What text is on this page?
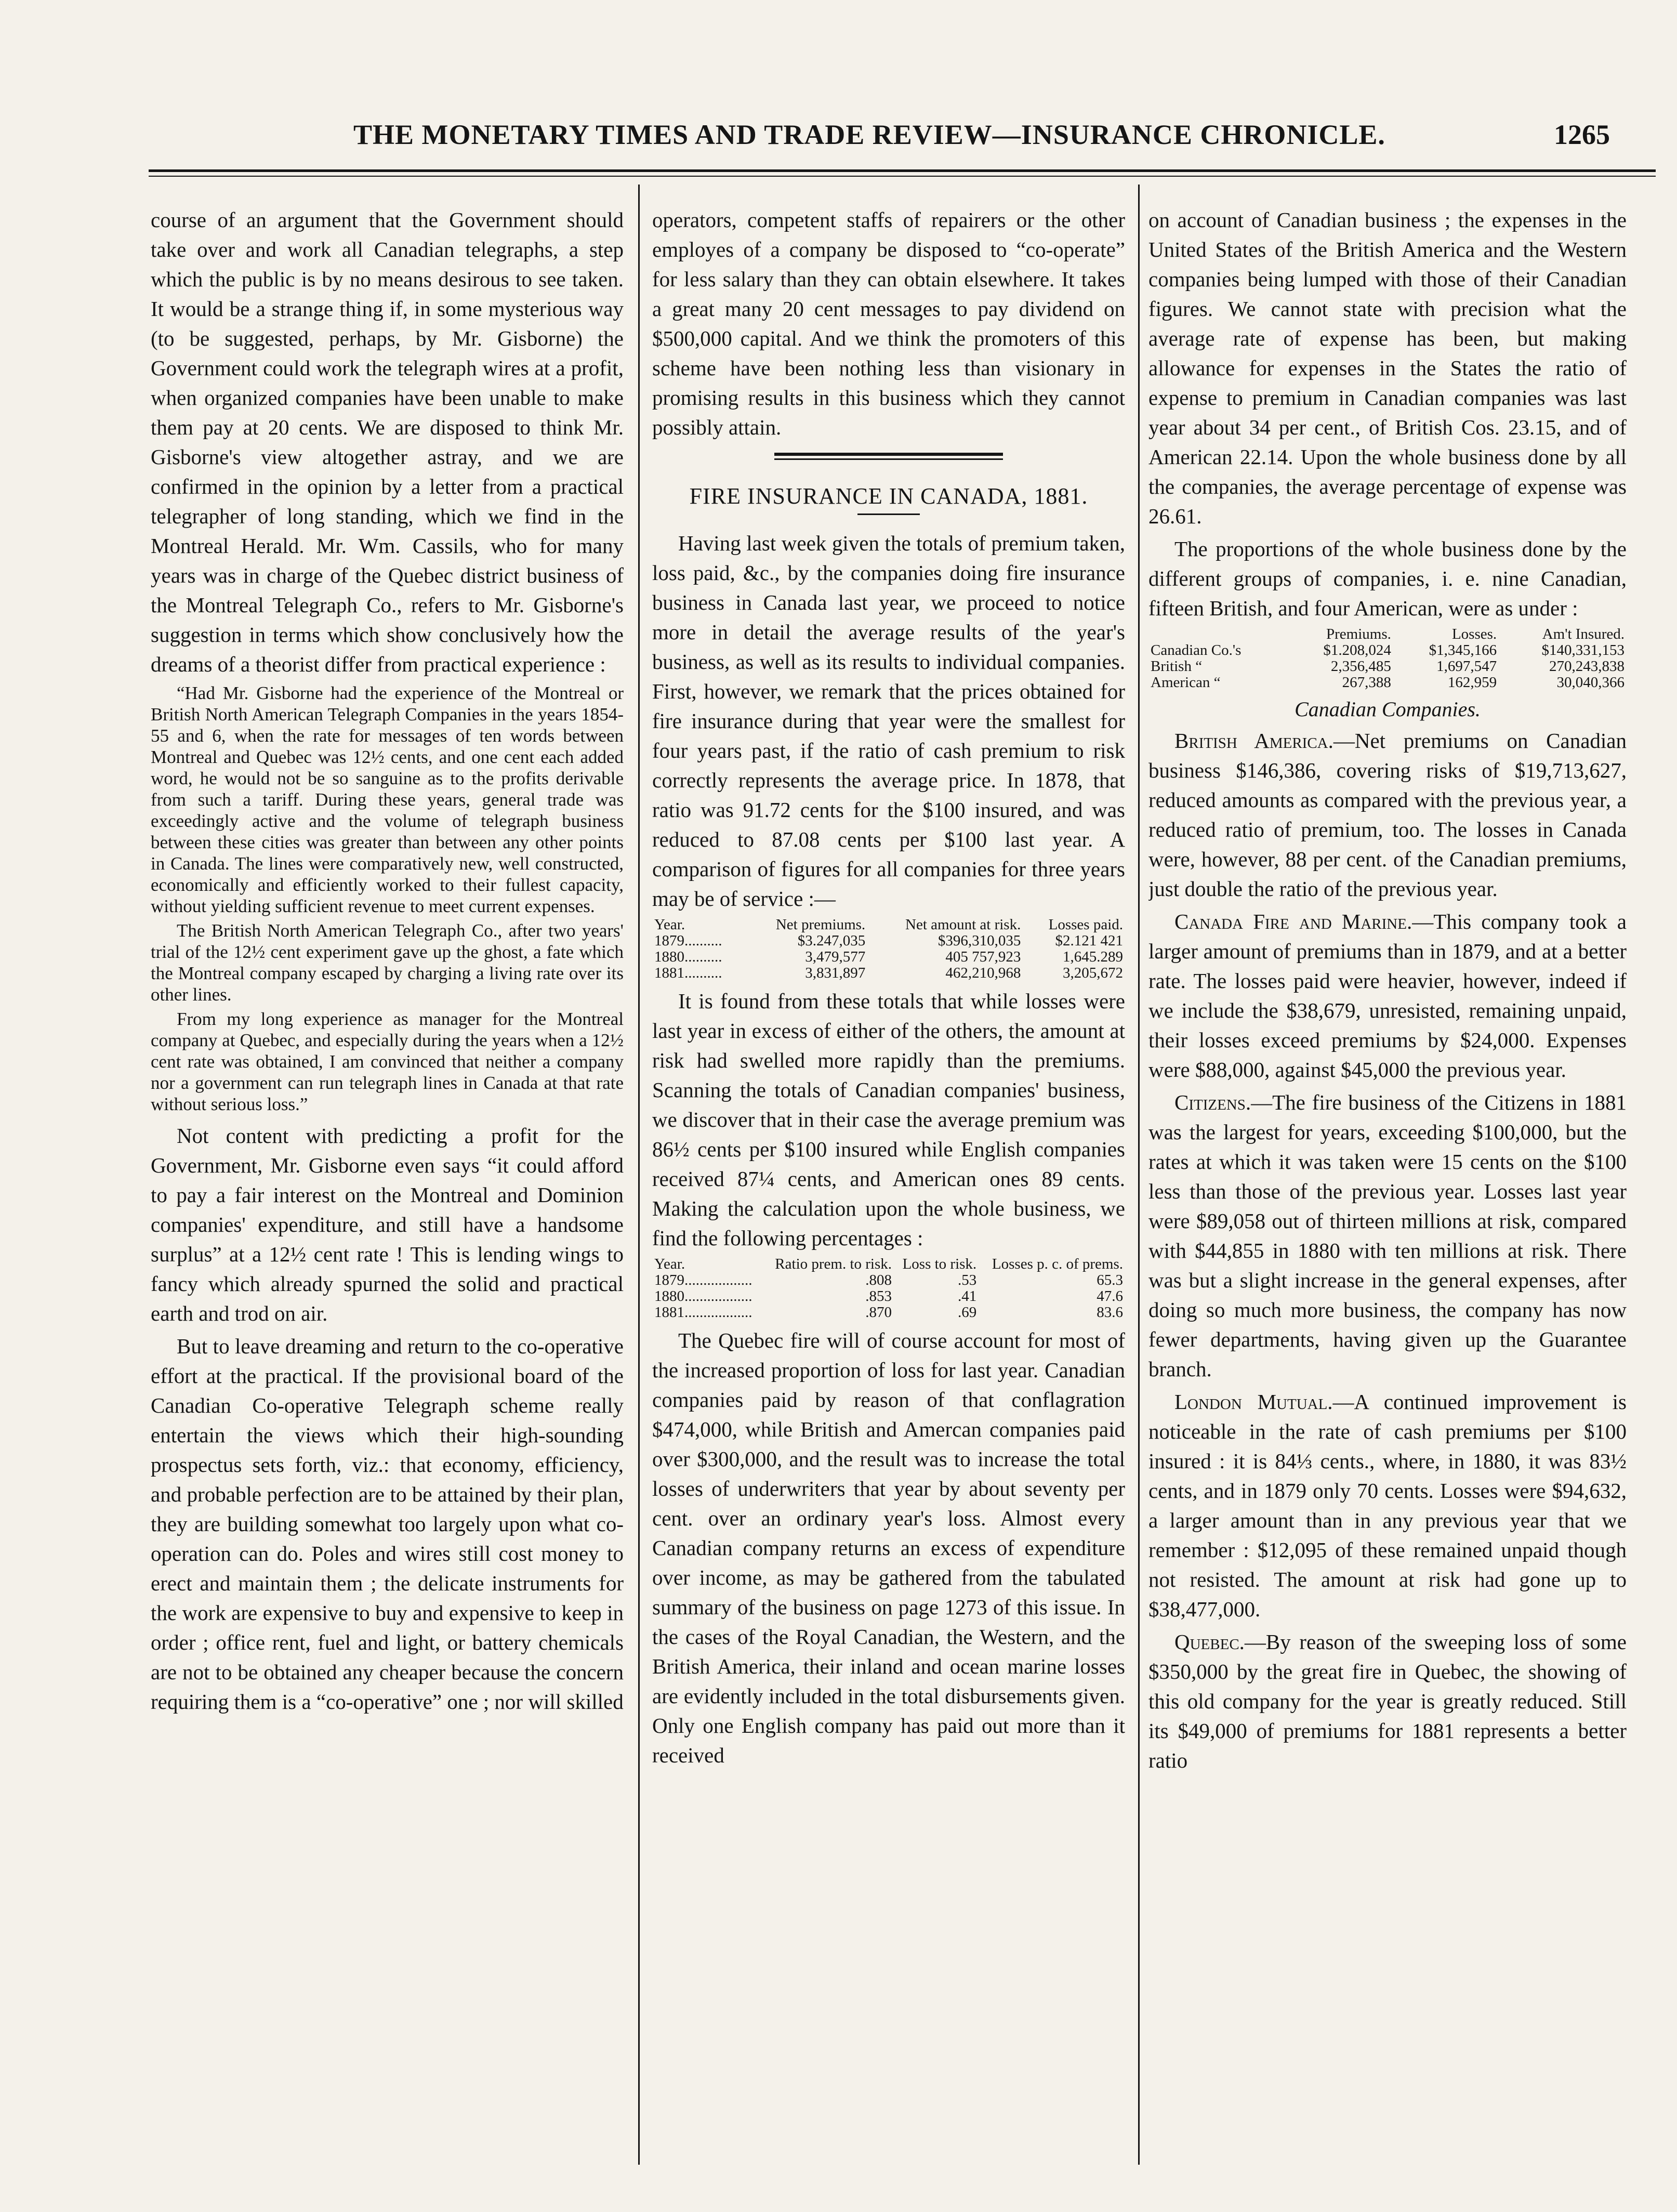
THE MONETARY TIMES AND TRADE REVIEW—INSURANCE CHRONICLE.	1265

course of an argument that the Government should take over and work all Canadian telegraphs, a step which the public is by no means desirous to see taken. It would be a strange thing if, in some mysterious way (to be suggested, perhaps, by Mr. Gisborne) the Government could work the telegraph wires at a profit, when organized companies have been unable to make them pay at 20 cents. We are disposed to think Mr. Gisborne's view altogether astray, and we are confirmed in the opinion by a letter from a practical telegrapher of long standing, which we find in the Montreal Herald. Mr. Wm. Cassils, who for many years was in charge of the Quebec district business of the Montreal Telegraph Co., refers to Mr. Gisborne's suggestion in terms which show conclusively how the dreams of a theorist differ from practical experience :

“Had Mr. Gisborne had the experience of the Montreal or British North American Telegraph Companies in the years 1854-55 and 6, when the rate for messages of ten words between Montreal and Quebec was 12½ cents, and one cent each added word, he would not be so sanguine as to the profits derivable from such a tariff. During these years, general trade was exceedingly active and the volume of telegraph business between these cities was greater than between any other points in Canada. The lines were comparatively new, well constructed, economically and efficiently worked to their fullest capacity, without yielding sufficient revenue to meet current expenses.

The British North American Telegraph Co., after two years' trial of the 12½ cent experiment gave up the ghost, a fate which the Montreal company escaped by charging a living rate over its other lines.

From my long experience as manager for the Montreal company at Quebec, and especially during the years when a 12½ cent rate was obtained, I am convinced that neither a company nor a government can run telegraph lines in Canada at that rate without serious loss.”

Not content with predicting a profit for the Government, Mr. Gisborne even says “it could afford to pay a fair interest on the Montreal and Dominion companies' expenditure, and still have a handsome surplus” at a 12½ cent rate ! This is lending wings to fancy which already spurned the solid and practical earth and trod on air.

But to leave dreaming and return to the co-operative effort at the practical. If the provisional board of the Canadian Co-operative Telegraph scheme really entertain the views which their high-sounding prospectus sets forth, viz.: that economy, efficiency, and probable perfection are to be attained by their plan, they are building somewhat too largely upon what co-operation can do. Poles and wires still cost money to erect and maintain them ; the delicate instruments for the work are expensive to buy and expensive to keep in order ; office rent, fuel and light, or battery chemicals are not to be obtained any cheaper because the concern requiring them is a “co-operative” one ; nor will skilled

operators, competent staffs of repairers or the other employes of a company be disposed to “co-operate” for less salary than they can obtain elsewhere. It takes a great many 20 cent messages to pay dividend on $500,000 capital. And we think the promoters of this scheme have been nothing less than visionary in promising results in this business which they cannot possibly attain.

FIRE INSURANCE IN CANADA, 1881.

Having last week given the totals of premium taken, loss paid, &c., by the companies doing fire insurance business in Canada last year, we proceed to notice more in detail the average results of the year's business, as well as its results to individual companies. First, however, we remark that the prices obtained for fire insurance during that year were the smallest for four years past, if the ratio of cash premium to risk correctly represents the average price. In 1878, that ratio was 91.72 cents for the $100 insured, and was reduced to 87.08 cents per $100 last year. A comparison of figures for all companies for three years may be of service :—

Year.	Net premiums.	Net amount at risk.	Losses paid.
1879..........	$3.247,035	$396,310,035	$2.121 421
1880..........	3,479,577	405 757,923	1,645.289
1881..........	3,831,897	462,210,968	3,205,672

It is found from these totals that while losses were last year in excess of either of the others, the amount at risk had swelled more rapidly than the premiums. Scanning the totals of Canadian companies' business, we discover that in their case the average premium was 86½ cents per $100 insured while English companies received 87¼ cents, and American ones 89 cents. Making the calculation upon the whole business, we find the following percentages :

Year.	Ratio prem. to risk.	Loss to risk.	Losses p. c. of prems.
1879..................	.808	.53	65.3
1880..................	.853	.41	47.6
1881..................	.870	.69	83.6

The Quebec fire will of course account for most of the increased proportion of loss for last year. Canadian companies paid by reason of that conflagration $474,000, while British and Amercan companies paid over $300,000, and the result was to increase the total losses of underwriters that year by about seventy per cent. over an ordinary year's loss. Almost every Canadian company returns an excess of expenditure over income, as may be gathered from the tabulated summary of the business on page 1273 of this issue. In the cases of the Royal Canadian, the Western, and the British America, their inland and ocean marine losses are evidently included in the total disbursements given. Only one English company has paid out more than it received

on account of Canadian business ; the expenses in the United States of the British America and the Western companies being lumped with those of their Canadian figures. We cannot state with precision what the average rate of expense has been, but making allowance for expenses in the States the ratio of expense to premium in Canadian companies was last year about 34 per cent., of British Cos. 23.15, and of American 22.14. Upon the whole business done by all the companies, the average percentage of expense was 26.61.

The proportions of the whole business done by the different groups of companies, i. e. nine Canadian, fifteen British, and four American, were as under :

	Premiums.	Losses.	Am't Insured.
Canadian Co.'s	$1.208,024	$1,345,166	$140,331,153
British “	2,356,485	1,697,547	270,243,838
American “	267,388	162,959	30,040,366
Canadian Companies.

British America.—Net premiums on Canadian business $146,386, covering risks of $19,713,627, reduced amounts as compared with the previous year, a reduced ratio of premium, too. The losses in Canada were, however, 88 per cent. of the Canadian premiums, just double the ratio of the previous year.

Canada Fire and Marine.—This company took a larger amount of premiums than in 1879, and at a better rate. The losses paid were heavier, however, indeed if we include the $38,679, unresisted, remaining unpaid, their losses exceed premiums by $24,000. Expenses were $88,000, against $45,000 the previous year.

Citizens.—The fire business of the Citizens in 1881 was the largest for years, exceeding $100,000, but the rates at which it was taken were 15 cents on the $100 less than those of the previous year. Losses last year were $89,058 out of thirteen millions at risk, compared with $44,855 in 1880 with ten millions at risk. There was but a slight increase in the general expenses, after doing so much more business, the company has now fewer departments, having given up the Guarantee branch.

London Mutual.—A continued improvement is noticeable in the rate of cash premiums per $100 insured : it is 84⅓ cents., where, in 1880, it was 83½ cents, and in 1879 only 70 cents. Losses were $94,632, a larger amount than in any previous year that we remember : $12,095 of these remained unpaid though not resisted. The amount at risk had gone up to $38,477,000.

Quebec.—By reason of the sweeping loss of some $350,000 by the great fire in Quebec, the showing of this old company for the year is greatly reduced. Still its $49,000 of premiums for 1881 represents a better ratio
